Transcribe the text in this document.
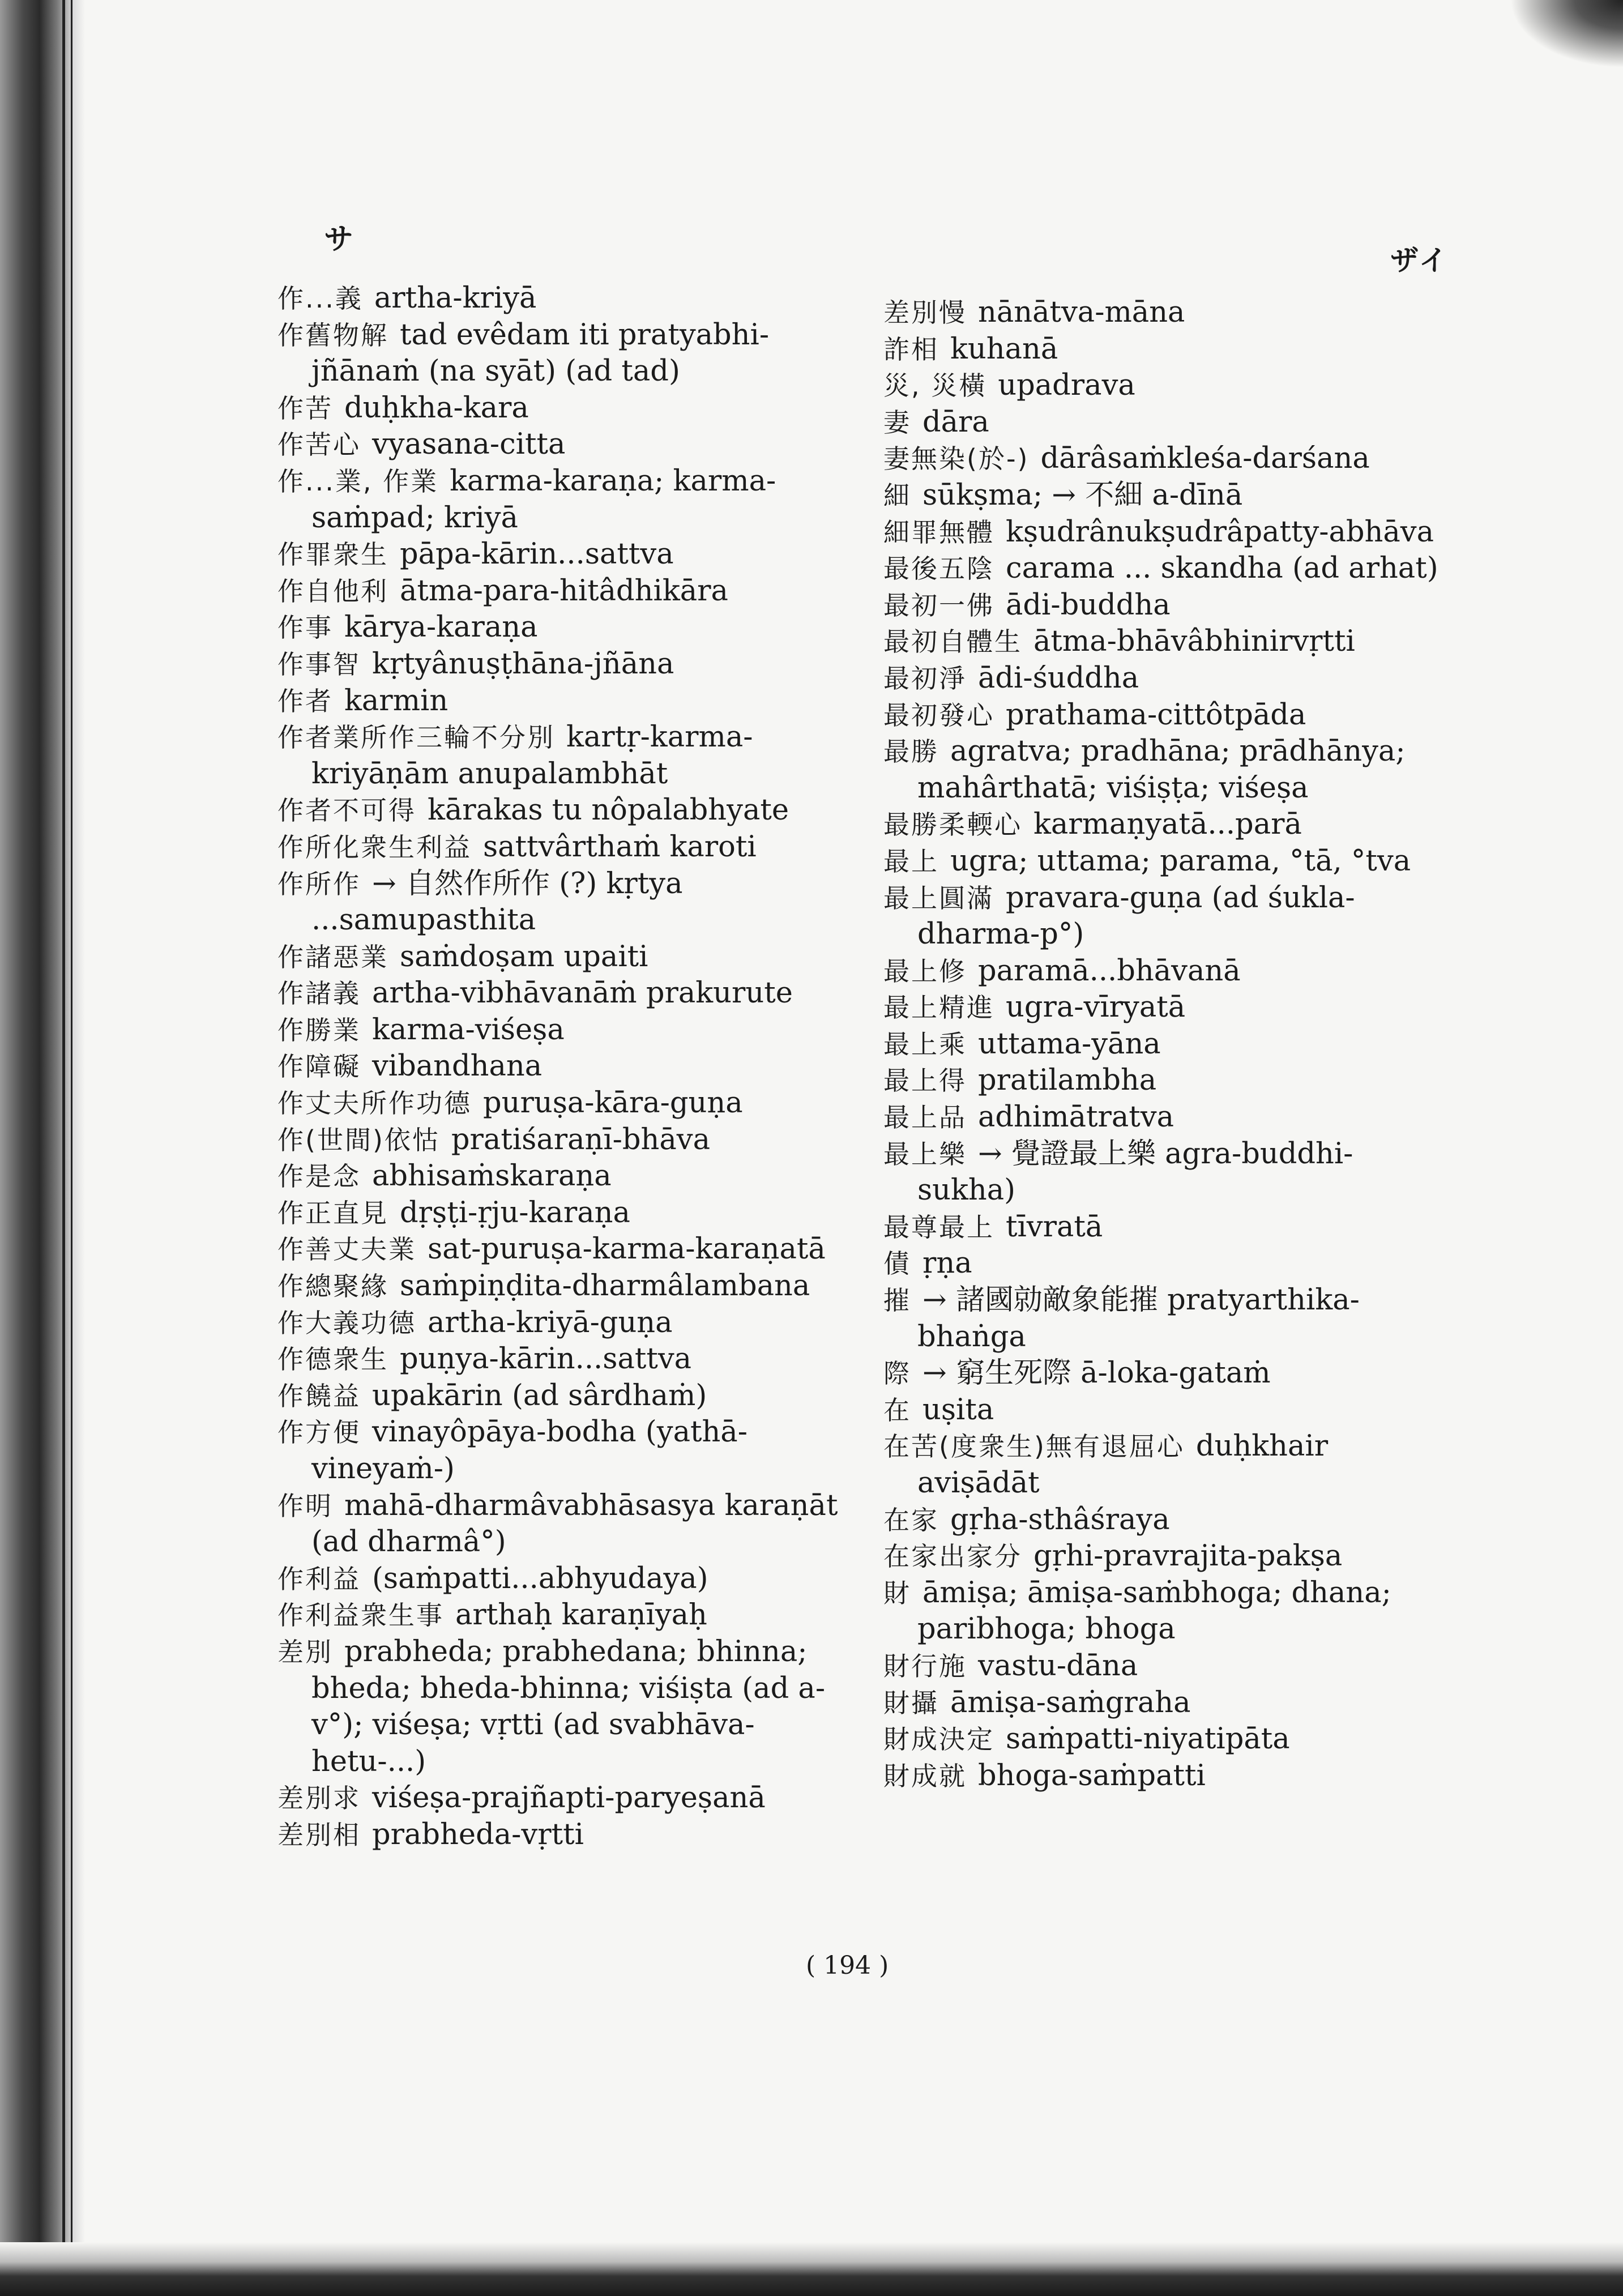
サ
ザイ
作...義 artha-kriyā
作舊物解 tad evêdam iti pratyabhi-jñānaṁ (na syāt) (ad tad)
作苦 duḥkha-kara
作苦心 vyasana-citta
作...業, 作業 karma-karaṇa; karma-saṁpad; kriyā
作罪衆生 pāpa-kārin...sattva
作自他利 ātma-para-hitâdhikāra
作事 kārya-karaṇa
作事智 kṛtyânuṣṭhāna-jñāna
作者 karmin
作者業所作三輪不分別 kartṛ-karma-kriyāṇām anupalambhāt
作者不可得 kārakas tu nôpalabhyate
作所化衆生利益 sattvârthaṁ karoti
作所作 → 自然作所作 (?) kṛtya ...samupasthita
作諸惡業 saṁdoṣam upaiti
作諸義 artha-vibhāvanāṁ prakurute
作勝業 karma-viśeṣa
作障礙 vibandhana
作丈夫所作功德 puruṣa-kāra-guṇa
作(世間)依怙 pratiśaraṇī-bhāva
作是念 abhisaṁskaraṇa
作正直見 dṛṣṭi-ṛju-karaṇa
作善丈夫業 sat-puruṣa-karma-karaṇatā
作總聚緣 saṁpiṇḍita-dharmâlambana
作大義功德 artha-kriyā-guṇa
作德衆生 puṇya-kārin...sattva
作饒益 upakārin (ad sârdhaṁ)
作方便 vinayôpāya-bodha (yathā-vineyaṁ-)
作明 mahā-dharmâvabhāsasya karaṇāt (ad dharmâ°)
作利益 (saṁpatti...abhyudaya)
作利益衆生事 arthaḥ karaṇīyaḥ
差別 prabheda; prabhedana; bhinna; bheda; bheda-bhinna; viśiṣta (ad a-v°); viśeṣa; vṛtti (ad svabhāva-hetu-...)
差別求 viśeṣa-prajñapti-paryeṣanā
差別相 prabheda-vṛtti
差別慢 nānātva-māna
詐相 kuhanā
災, 災橫 upadrava
妻 dāra
妻無染(於-) dārâsaṁkleśa-darśana
細 sūkṣma; → 不細 a-dīnā
細罪無體 kṣudrânukṣudrâpatty-abhāva
最後五陰 carama ... skandha (ad arhat)
最初一佛 ādi-buddha
最初自體生 ātma-bhāvâbhinirvṛtti
最初淨 ādi-śuddha
最初發心 prathama-cittôtpāda
最勝 agratva; pradhāna; prādhānya; mahârthatā; viśiṣṭa; viśeṣa
最勝柔輭心 karmaṇyatā...parā
最上 ugra; uttama; parama, °tā, °tva
最上圓滿 pravara-guṇa (ad śukla-dharma-p°)
最上修 paramā...bhāvanā
最上精進 ugra-vīryatā
最上乘 uttama-yāna
最上得 pratilambha
最上品 adhimātratva
最上樂 → 覺證最上樂 agra-buddhi-sukha)
最尊最上 tīvratā
債 ṛṇa
摧 → 諸國勍敵象能摧 pratyarthika-bhaṅga
際 → 窮生死際 ā-loka-gataṁ
在 uṣita
在苦(度衆生)無有退屈心 duḥkhair aviṣādāt
在家 gṛha-sthâśraya
在家出家分 gṛhi-pravrajita-pakṣa
財 āmiṣa; āmiṣa-saṁbhoga; dhana; paribhoga; bhoga
財行施 vastu-dāna
財攝 āmiṣa-saṁgraha
財成決定 saṁpatti-niyatipāta
財成就 bhoga-saṁpatti
( 194 )
